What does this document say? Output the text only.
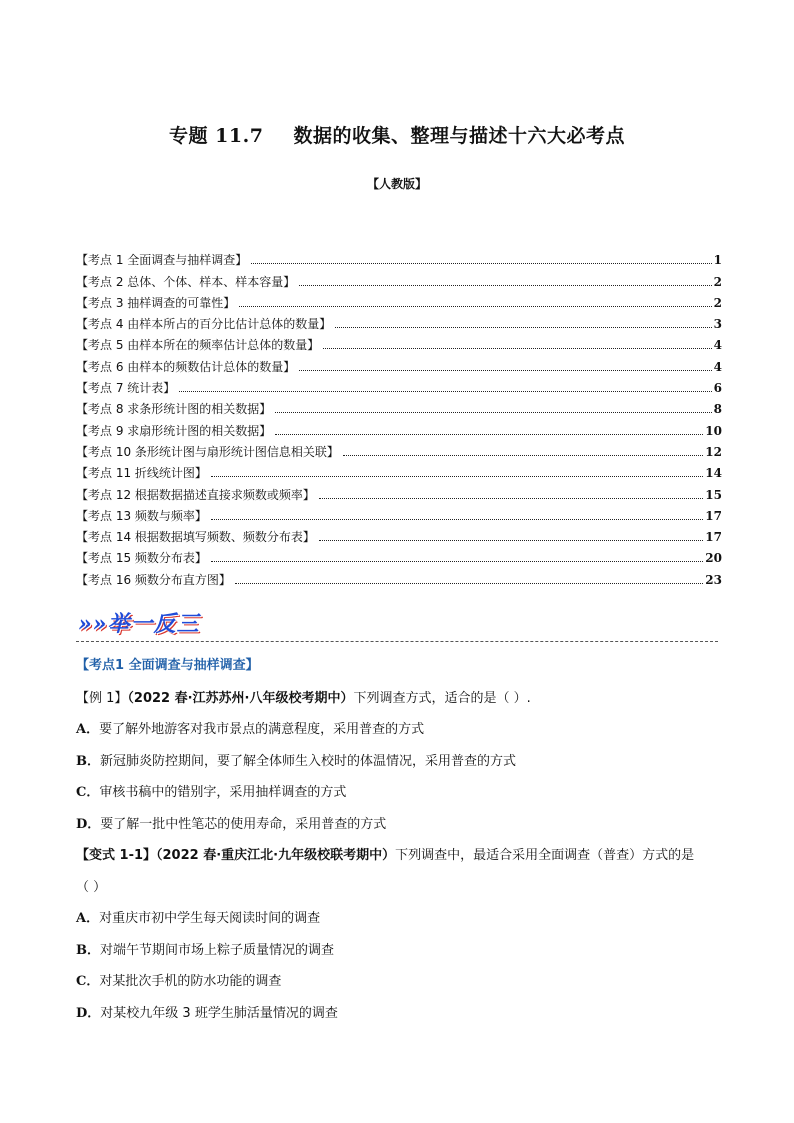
专题 11.7 数据的收集、整理与描述十六大必考点
【人教版】
【考点 1 全面调查与抽样调查】	1
【考点 2 总体、个体、样本、样本容量】	2
【考点 3 抽样调查的可靠性】	2
【考点 4 由样本所占的百分比估计总体的数量】	3
【考点 5 由样本所在的频率估计总体的数量】	4
【考点 6 由样本的频数估计总体的数量】	4
【考点 7 统计表】	6
【考点 8 求条形统计图的相关数据】	8
【考点 9 求扇形统计图的相关数据】	10
【考点 10 条形统计图与扇形统计图信息相关联】	12
【考点 11 折线统计图】	14
【考点 12 根据数据描述直接求频数或频率】	15
【考点 13 频数与频率】	17
【考点 14 根据数据填写频数、频数分布表】	17
【考点 15 频数分布表】	20
【考点 16 频数分布直方图】	23
»»举一反三
【考点1 全面调查与抽样调查】
【例 1】（2022 春·江苏苏州·八年级校考期中）下列调查方式，适合的是（ ）.
A．要了解外地游客对我市景点的满意程度，采用普查的方式
B．新冠肺炎防控期间，要了解全体师生入校时的体温情况，采用普查的方式
C．审核书稿中的错别字，采用抽样调查的方式
D．要了解一批中性笔芯的使用寿命，采用普查的方式
【变式 1-1】（2022 春·重庆江北·九年级校联考期中）下列调查中，最适合采用全面调查（普查）方式的是
（ ）
A．对重庆市初中学生每天阅读时间的调查
B．对端午节期间市场上粽子质量情况的调查
C．对某批次手机的防水功能的调查
D．对某校九年级 3 班学生肺活量情况的调查
